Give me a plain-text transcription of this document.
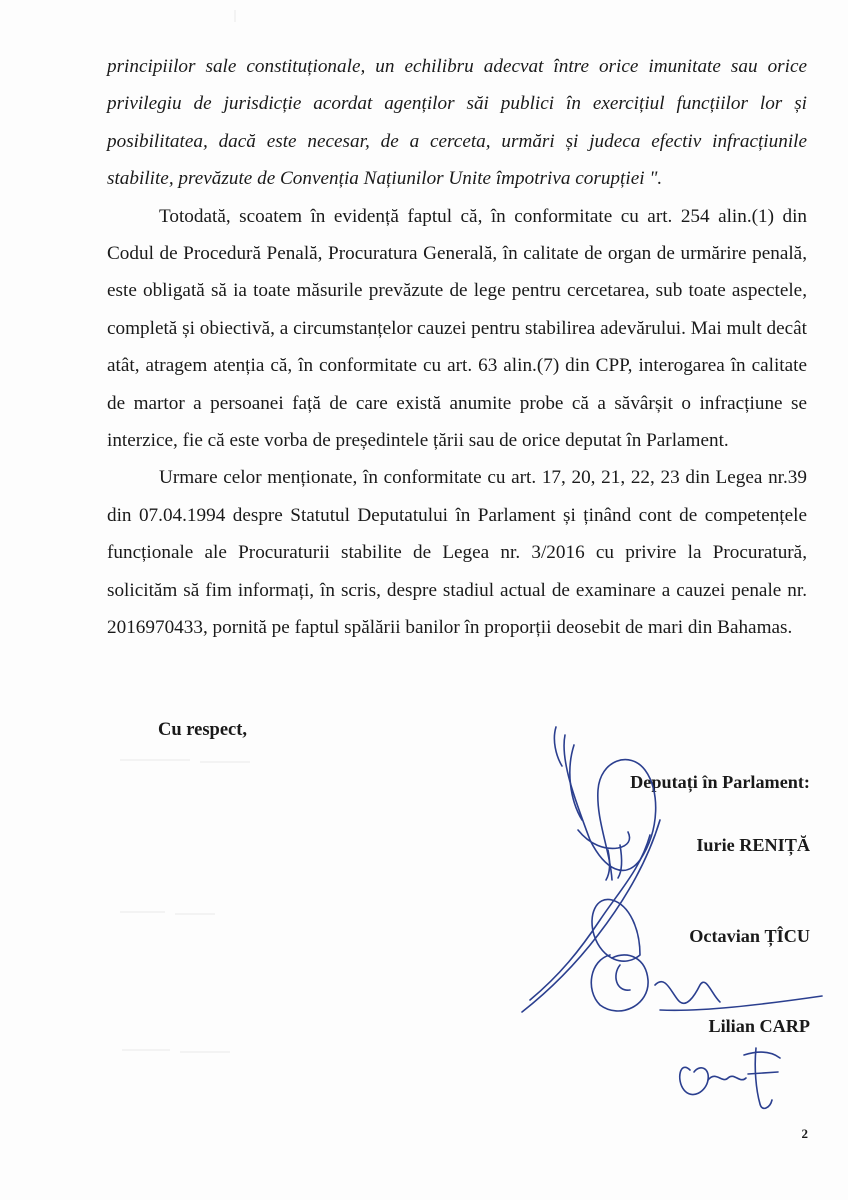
principiilor sale constituționale, un echilibru adecvat între orice imunitate sau orice privilegiu de jurisdicție acordat agenților săi publici în exercițiul funcțiilor lor și posibilitatea, dacă este necesar, de a cerceta, urmări și judeca efectiv infracțiunile stabilite, prevăzute de Convenția Națiunilor Unite împotriva corupției ".

Totodată, scoatem în evidență faptul că, în conformitate cu art. 254 alin.(1) din Codul de Procedură Penală, Procuratura Generală, în calitate de organ de urmărire penală, este obligată să ia toate măsurile prevăzute de lege pentru cercetarea, sub toate aspectele, completă și obiectivă, a circumstanțelor cauzei pentru stabilirea adevărului. Mai mult decât atât, atragem atenția că, în conformitate cu art. 63 alin.(7) din CPP, interogarea în calitate de martor a persoanei față de care există anumite probe că a săvârșit o infracțiune se interzice, fie că este vorba de președintele țării sau de orice deputat în Parlament.

Urmare celor menționate, în conformitate cu art. 17, 20, 21, 22, 23 din Legea nr.39 din 07.04.1994 despre Statutul Deputatului în Parlament și ținând cont de competențele funcționale ale Procuraturii stabilite de Legea nr. 3/2016 cu privire la Procuratură, solicităm să fim informați, în scris, despre stadiul actual de examinare a cauzei penale nr. 2016970433, pornită pe faptul spălării banilor în proporții deosebit de mari din Bahamas.

Cu respect,
Deputați în Parlament:
Iurie RENIȚĂ
Octavian ȚÎCU
Lilian CARP
2
